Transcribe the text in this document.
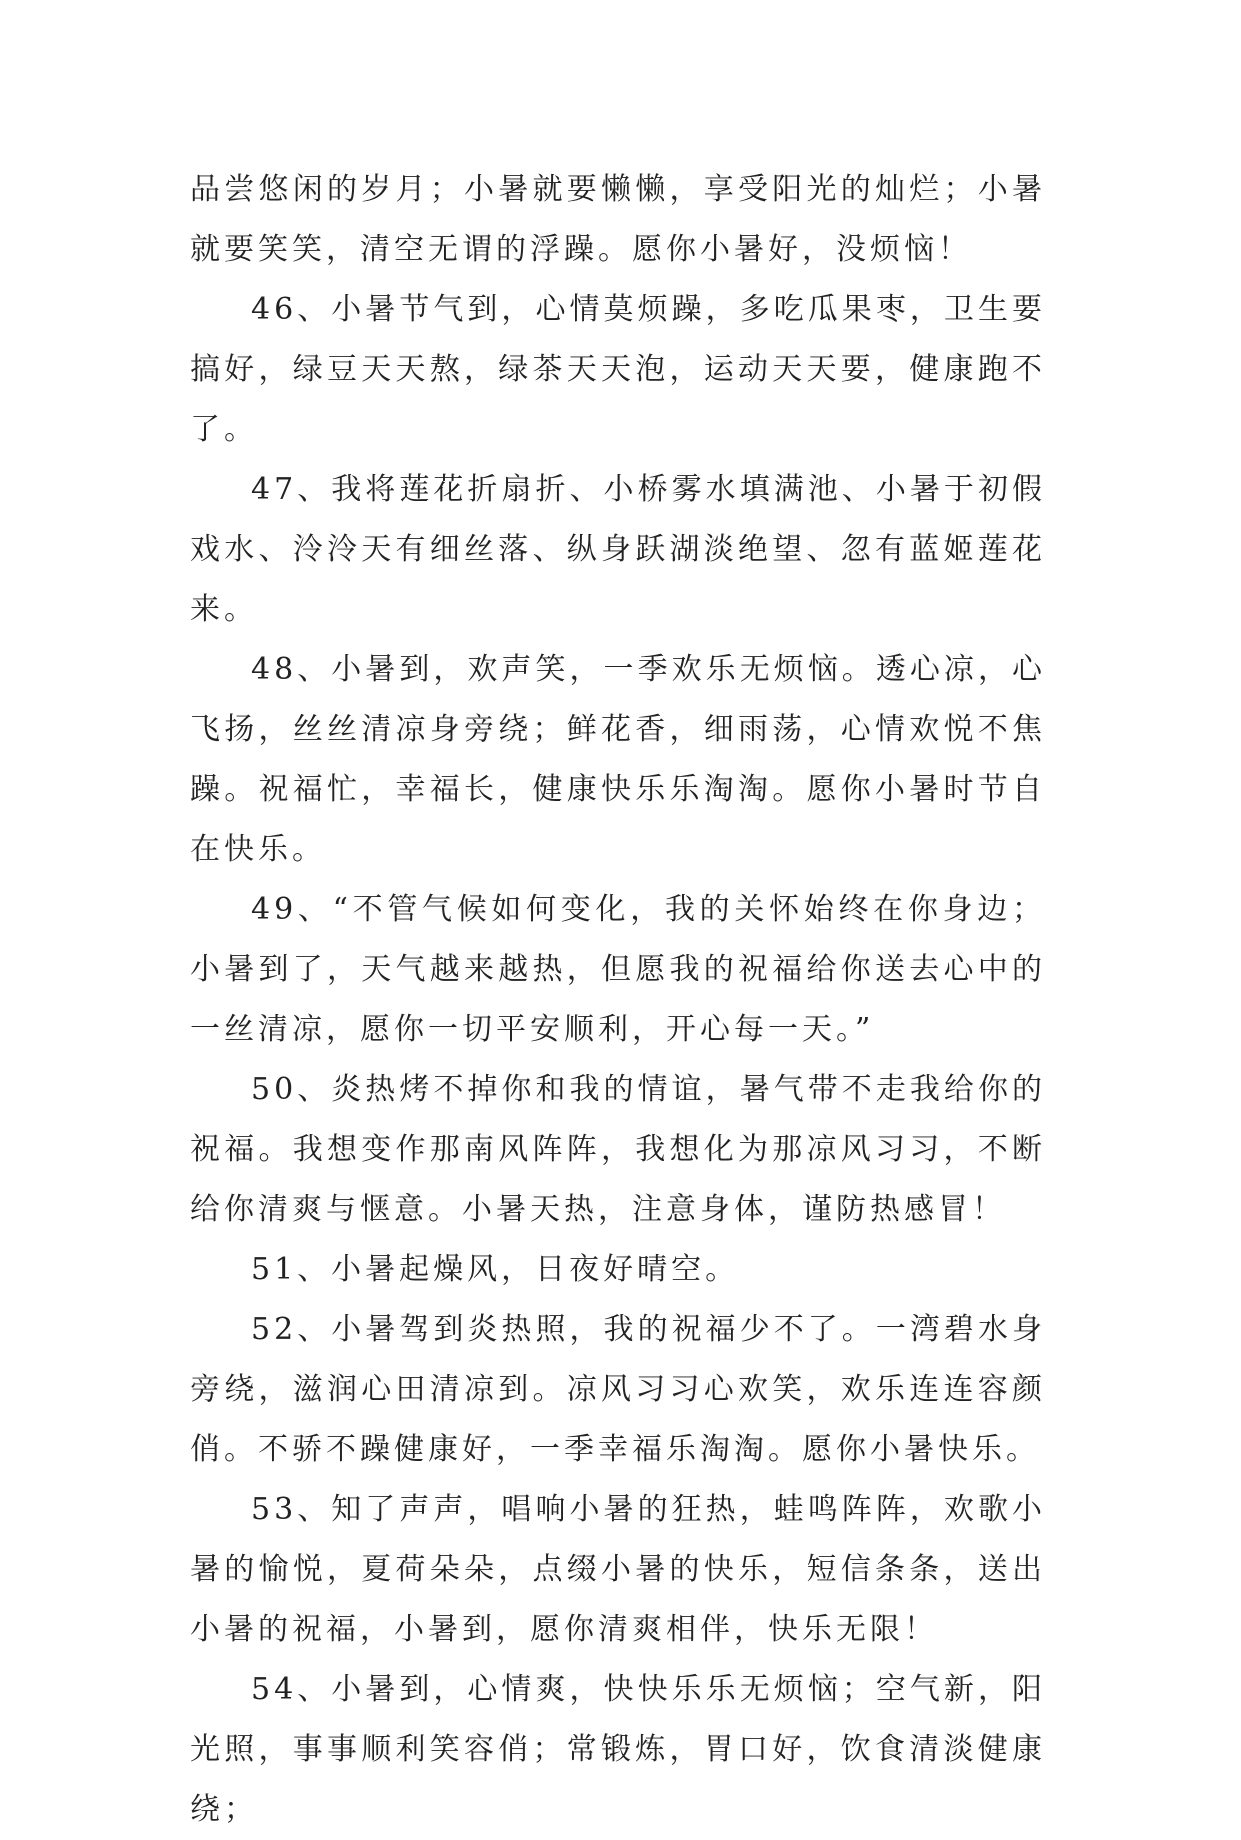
品尝悠闲的岁月；小暑就要懒懒，享受阳光的灿烂；小暑就要笑笑，清空无谓的浮躁。愿你小暑好，没烦恼！

46、小暑节气到，心情莫烦躁，多吃瓜果枣，卫生要搞好，绿豆天天熬，绿茶天天泡，运动天天要，健康跑不了。

47、我将莲花折扇折、小桥雾水填满池、小暑于初假戏水、泠泠天有细丝落、纵身跃湖淡绝望、忽有蓝姬莲花来。

48、小暑到，欢声笑，一季欢乐无烦恼。透心凉，心飞扬，丝丝清凉身旁绕；鲜花香，细雨荡，心情欢悦不焦躁。祝福忙，幸福长，健康快乐乐淘淘。愿你小暑时节自在快乐。

49、“不管气候如何变化，我的关怀始终在你身边；小暑到了，天气越来越热，但愿我的祝福给你送去心中的一丝清凉，愿你一切平安顺利，开心每一天。”

50、炎热烤不掉你和我的情谊，暑气带不走我给你的祝福。我想变作那南风阵阵，我想化为那凉风习习，不断给你清爽与惬意。小暑天热，注意身体，谨防热感冒！

51、小暑起燥风，日夜好晴空。

52、小暑驾到炎热照，我的祝福少不了。一湾碧水身旁绕，滋润心田清凉到。凉风习习心欢笑，欢乐连连容颜俏。不骄不躁健康好，一季幸福乐淘淘。愿你小暑快乐。

53、知了声声，唱响小暑的狂热，蛙鸣阵阵，欢歌小暑的愉悦，夏荷朵朵，点缀小暑的快乐，短信条条，送出小暑的祝福，小暑到，愿你清爽相伴，快乐无限！

54、小暑到，心情爽，快快乐乐无烦恼；空气新，阳光照，事事顺利笑容俏；常锻炼，胃口好，饮食清淡健康绕；
